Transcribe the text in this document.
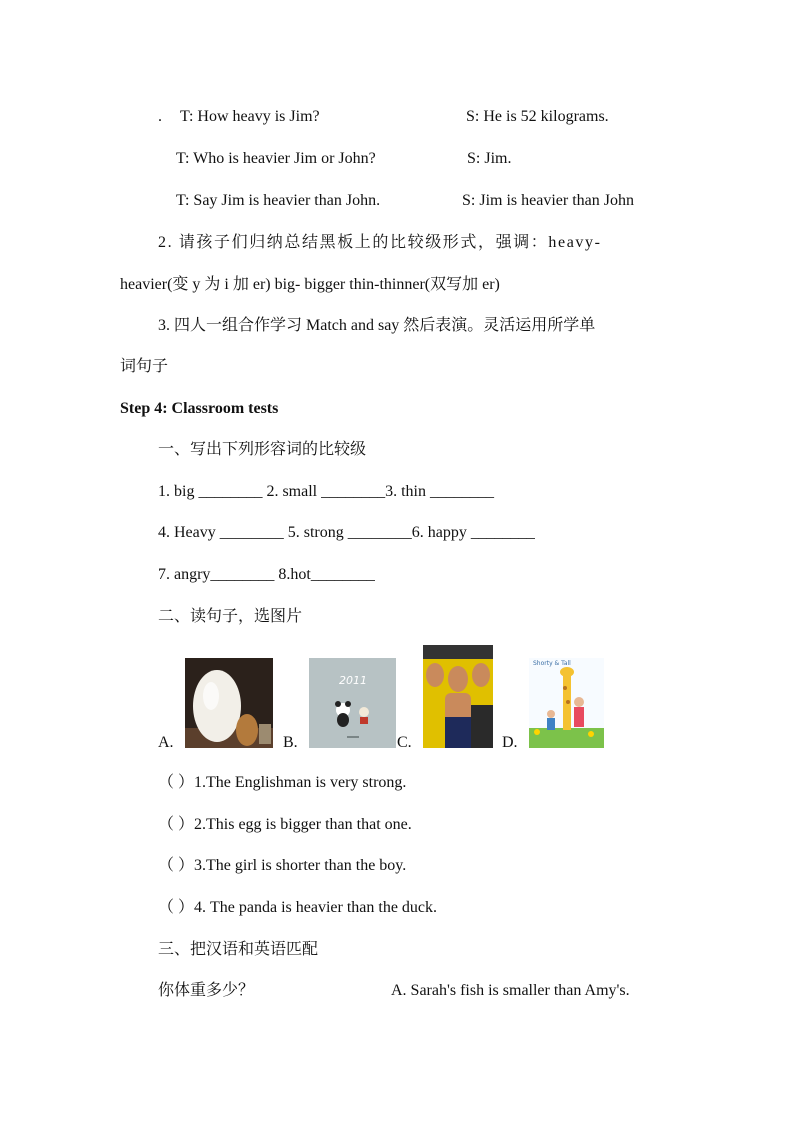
. T: How heavy is Jim?	S: He is 52 kilograms.
T: Who is heavier Jim or John?	S: Jim.
T: Say Jim is heavier than John.	S: Jim is heavier than John
2. 请孩子们归纳总结黑板上的比较级形式，强调：heavy-
heavier(变 y 为 i 加 er) big- bigger thin-thinner(双写加 er)
3. 四人一组合作学习 Match and say 然后表演。灵活运用所学单
词句子
Step 4: Classroom tests
一、写出下列形容词的比较级
1. big ________ 2. small ________3. thin ________
4. Heavy ________ 5. strong ________6. happy ________
7. angry________ 8.hot________
二、读句子，选图片
A.	B.
2011
C.	D.
Shorty & Tall
（ ）1.The Englishman is very strong.
（ ）2.This egg is bigger than that one.
（ ）3.The girl is shorter than the boy.
（ ）4. The panda is heavier than the duck.
三、把汉语和英语匹配
你体重多少？	A. Sarah's fish is smaller than Amy's.
